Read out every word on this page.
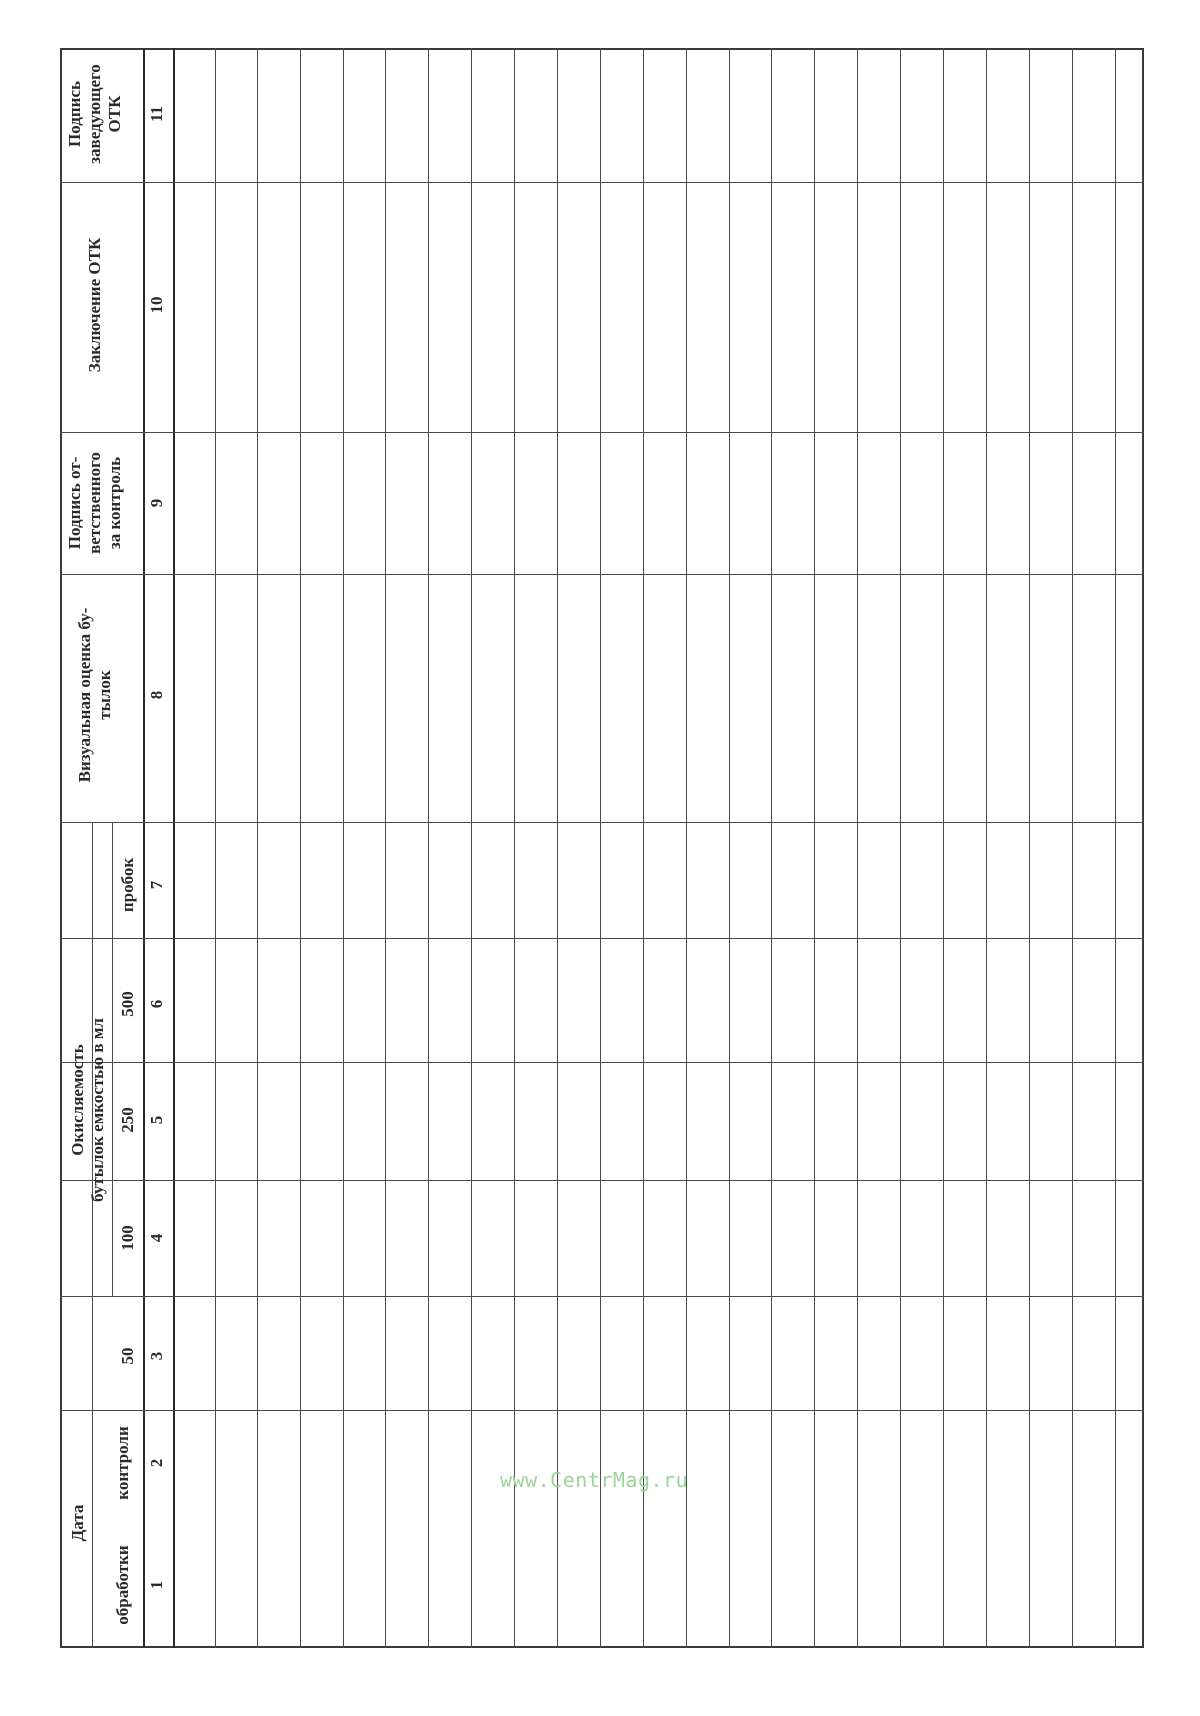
Дата
обработки
контроли
Окисляемость бутылок емкостью в мл
50
100
250
500
пробок
Визуальная оценка бу-
тылок
Подпись от-
ветственного
за контроль
Заключение ОТК
Подпись
заведующего
ОТК
1
2
3
4
5
6
7
8
9
10
11
www.CentrMag.ru
